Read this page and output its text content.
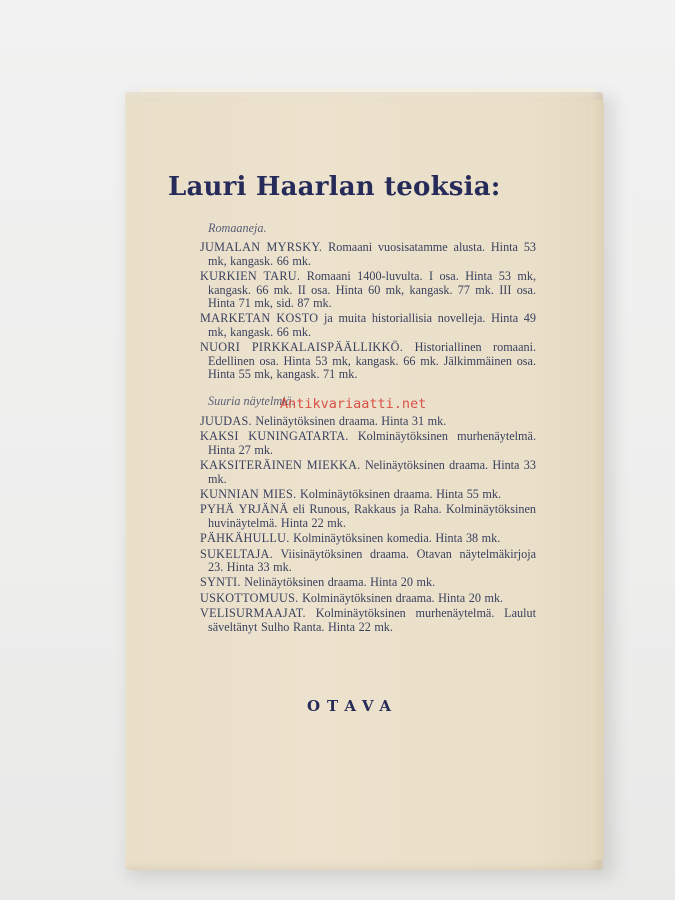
Lauri Haarlan teoksia:
Romaaneja.
JUMALAN MYRSKY. Romaani vuosisatamme alusta. Hinta 53 mk, kangask. 66 mk.
KURKIEN TARU. Romaani 1400-luvulta. I osa. Hinta 53 mk, kangask. 66 mk. II osa. Hinta 60 mk, kangask. 77 mk. III osa. Hinta 71 mk, sid. 87 mk.
MARKETAN KOSTO ja muita historiallisia novelleja. Hinta 49 mk, kangask. 66 mk.
NUORI PIRKKALAISPÄÄLLIKKÖ. Historiallinen romaani. Edellinen osa. Hinta 53 mk, kangask. 66 mk. Jälkimmäinen osa. Hinta 55 mk, kangask. 71 mk.
Suuria näytelmiä.
JUUDAS. Nelinäytöksinen draama. Hinta 31 mk.
KAKSI KUNINGATARTA. Kolminäytöksinen murhenäytelmä. Hinta 27 mk.
KAKSITERÄINEN MIEKKA. Nelinäytöksinen draama. Hinta 33 mk.
KUNNIAN MIES. Kolminäytöksinen draama. Hinta 55 mk.
PYHÄ YRJÄNÄ eli Runous, Rakkaus ja Raha. Kolminäytöksinen huvinäytelmä. Hinta 22 mk.
PÄHKÄHULLU. Kolminäytöksinen komedia. Hinta 38 mk.
SUKELTAJA. Viisinäytöksinen draama. Otavan näytelmäkirjoja 23. Hinta 33 mk.
SYNTI. Nelinäytöksinen draama. Hinta 20 mk.
USKOTTOMUUS. Kolminäytöksinen draama. Hinta 20 mk.
VELISURMAAJAT. Kolminäytöksinen murhenäytelmä. Laulut säveltänyt Sulho Ranta. Hinta 22 mk.
Antikvariaatti.net
OTAVA
